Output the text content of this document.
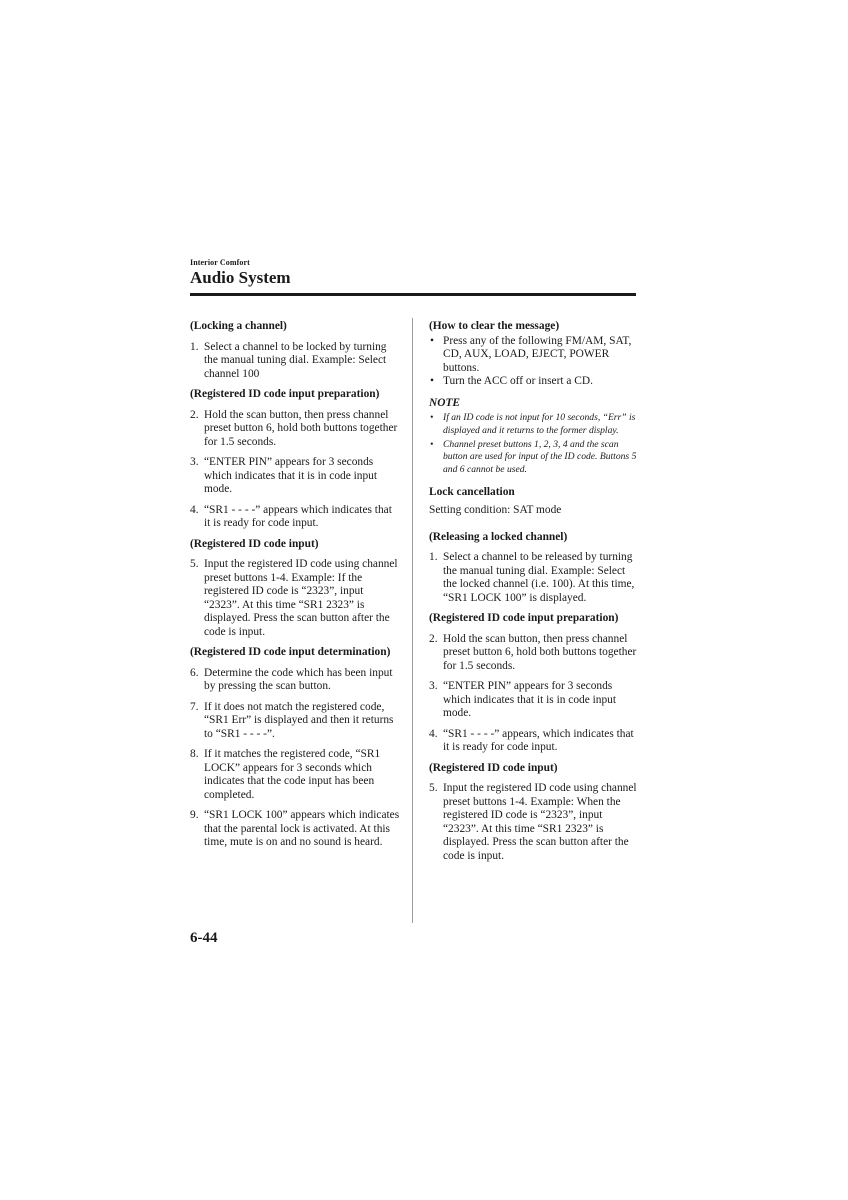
Interior Comfort
Audio System
(Locking a channel)
1. Select a channel to be locked by turning the manual tuning dial. Example: Select channel 100
(Registered ID code input preparation)
2. Hold the scan button, then press channel preset button 6, hold both buttons together for 1.5 seconds.
3. “ENTER PIN” appears for 3 seconds which indicates that it is in code input mode.
4. “SR1 - - - -” appears which indicates that it is ready for code input.
(Registered ID code input)
5. Input the registered ID code using channel preset buttons 1-4. Example: If the registered ID code is “2323”, input “2323”. At this time “SR1 2323” is displayed. Press the scan button after the code is input.
(Registered ID code input determination)
6. Determine the code which has been input by pressing the scan button.
7. If it does not match the registered code, “SR1 Err” is displayed and then it returns to “SR1 - - - -”.
8. If it matches the registered code, “SR1 LOCK” appears for 3 seconds which indicates that the code input has been completed.
9. “SR1 LOCK 100” appears which indicates that the parental lock is activated. At this time, mute is on and no sound is heard.
(How to clear the message)
• Press any of the following FM/AM, SAT, CD, AUX, LOAD, EJECT, POWER buttons.
• Turn the ACC off or insert a CD.
NOTE
•	If an ID code is not input for 10 seconds, “Err” is displayed and it returns to the former display.
•	Channel preset buttons 1, 2, 3, 4 and the scan button are used for input of the ID code. Buttons 5 and 6 cannot be used.
Lock cancellation
Setting condition: SAT mode
(Releasing a locked channel)
1. Select a channel to be released by turning the manual tuning dial. Example: Select the locked channel (i.e. 100). At this time, “SR1 LOCK 100” is displayed.
(Registered ID code input preparation)
2. Hold the scan button, then press channel preset button 6, hold both buttons together for 1.5 seconds.
3. “ENTER PIN” appears for 3 seconds which indicates that it is in code input mode.
4. “SR1 - - - -” appears, which indicates that it is ready for code input.
(Registered ID code input)
5. Input the registered ID code using channel preset buttons 1-4. Example: When the registered ID code is “2323”, input “2323”. At this time “SR1 2323” is displayed. Press the scan button after the code is input.
6-44
